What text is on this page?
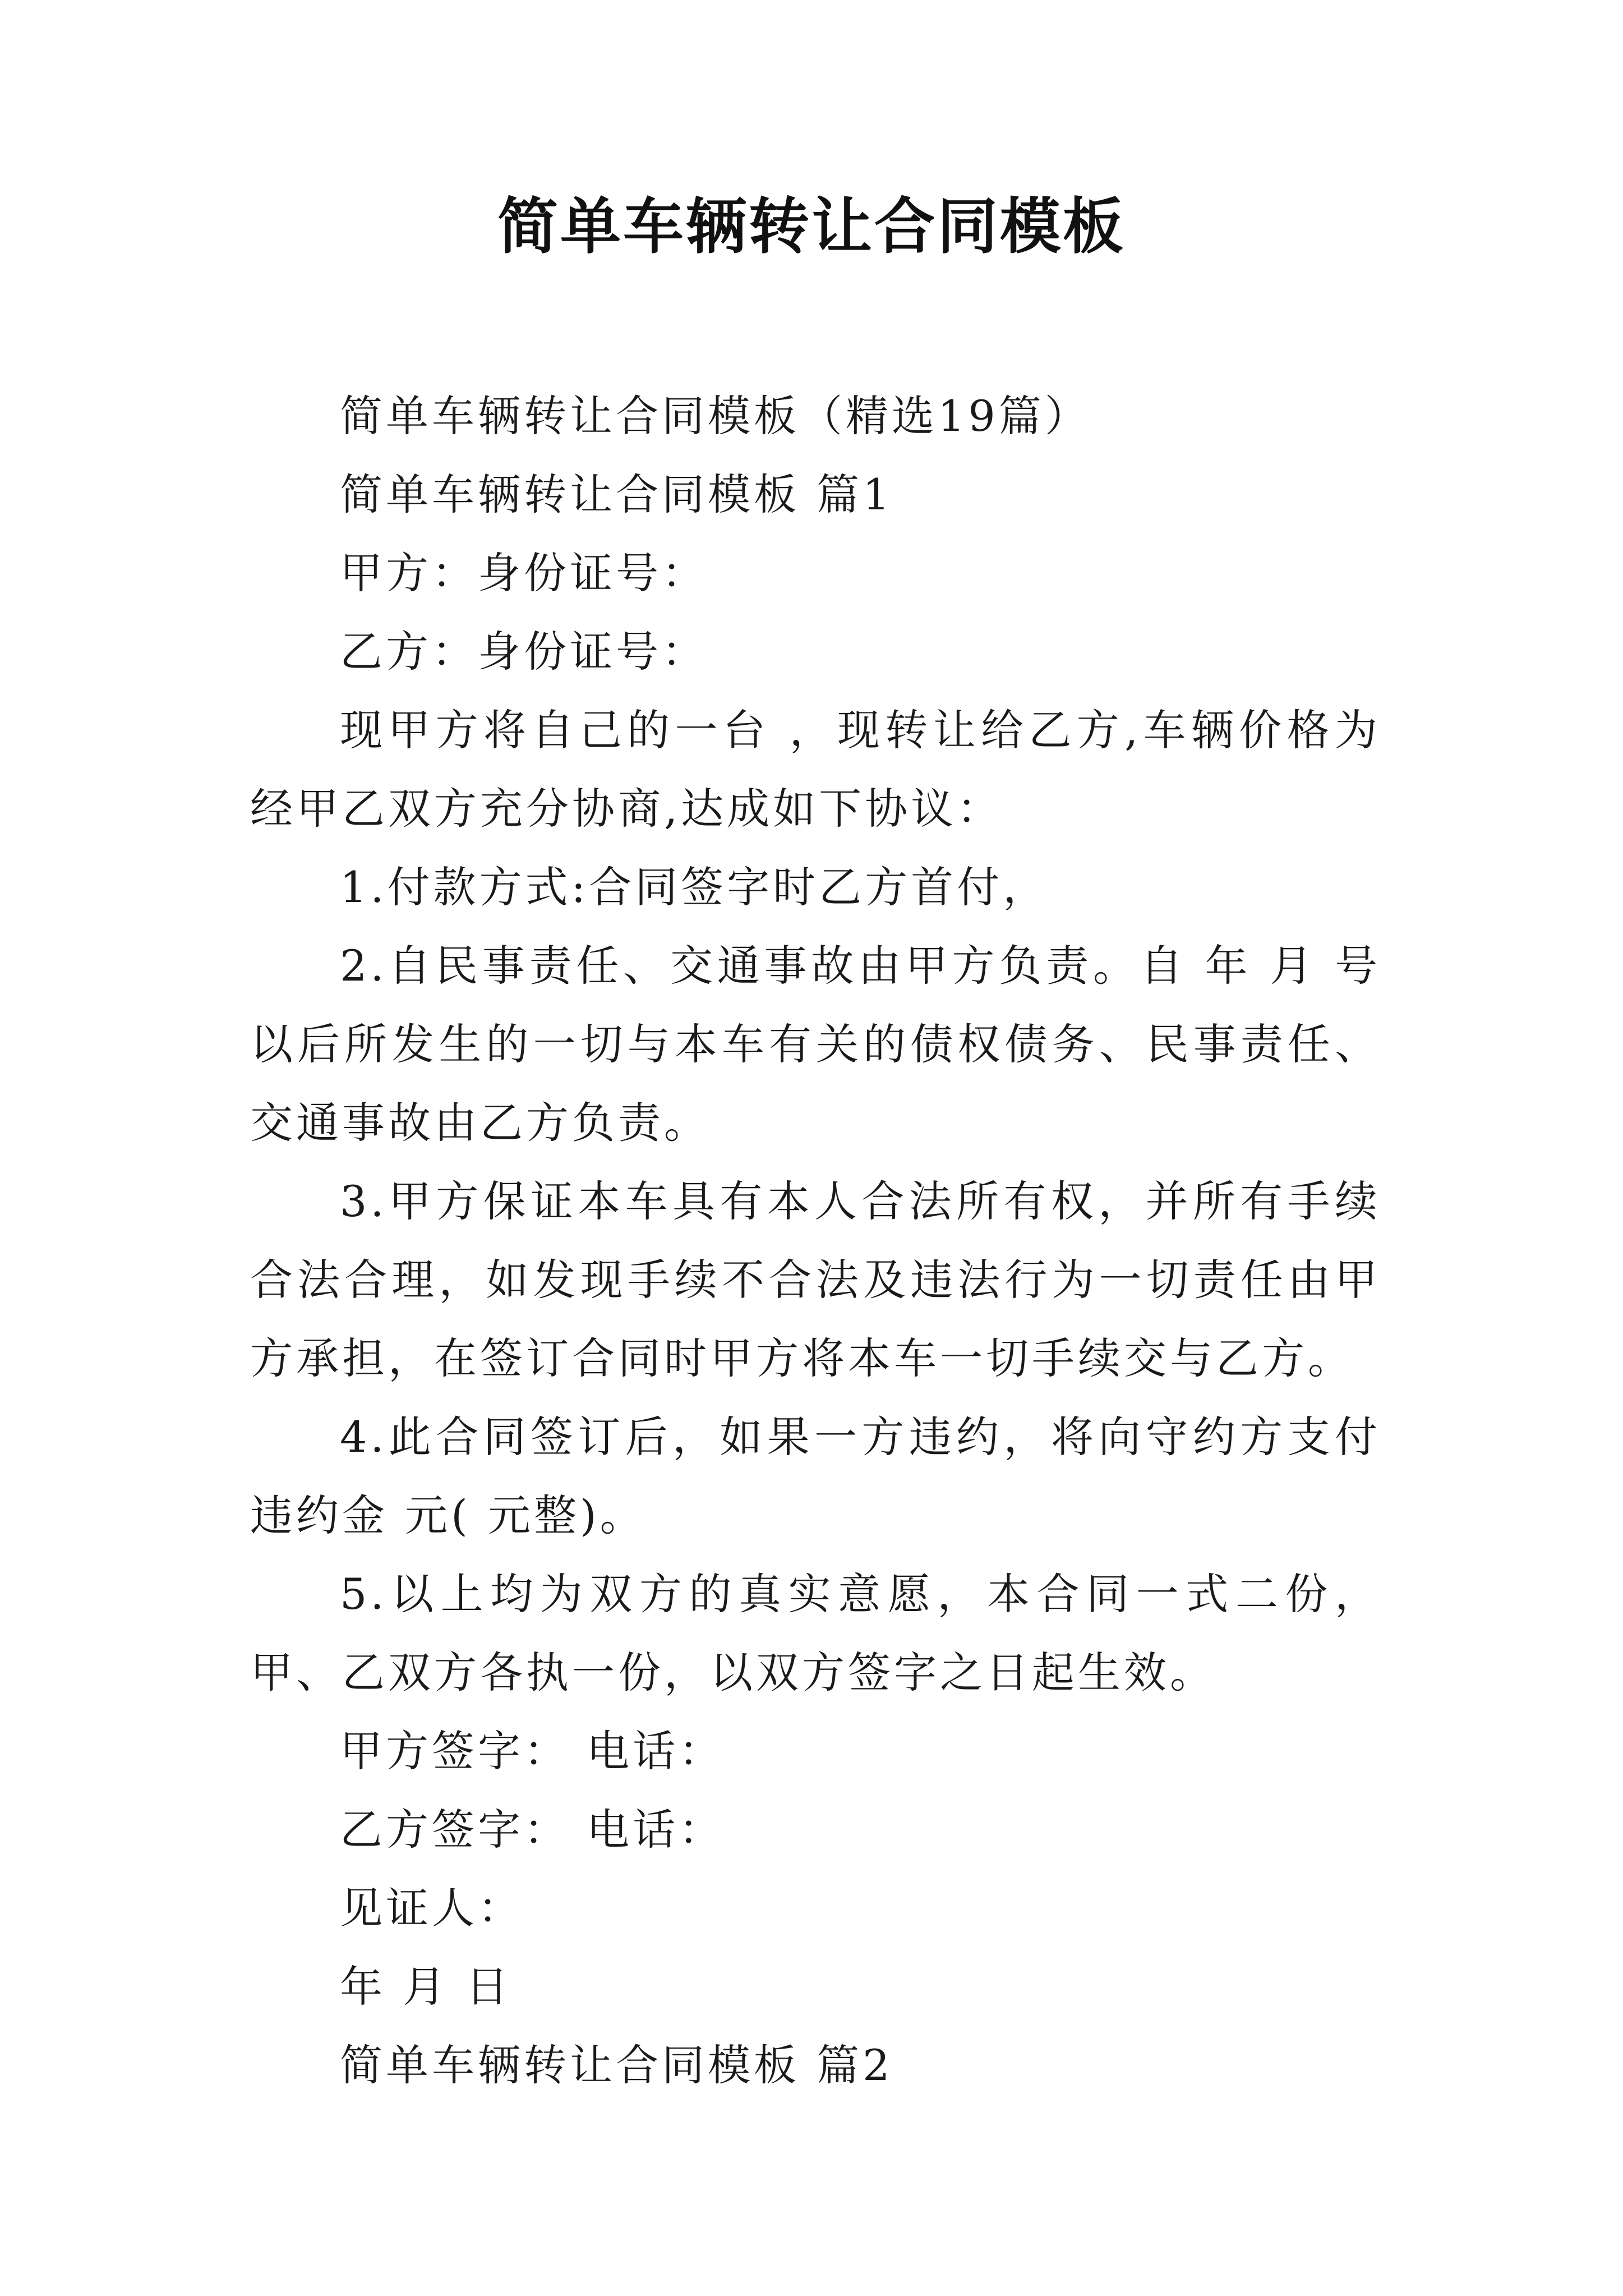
简单车辆转让合同模板

简单车辆转让合同模板（精选19篇）

简单车辆转让合同模板 篇1

甲方：身份证号：

乙方：身份证号：

现甲方将自己的一台 ，现转让给乙方,车辆价格为 经甲乙双方充分协商,达成如下协议：

1.付款方式:合同签字时乙方首付，

2.自民事责任、交通事故由甲方负责。自 年 月 号以后所发生的一切与本车有关的债权债务、民事责任、交通事故由乙方负责。

3.甲方保证本车具有本人合法所有权，并所有手续合法合理，如发现手续不合法及违法行为一切责任由甲方承担，在签订合同时甲方将本车一切手续交与乙方。

4.此合同签订后，如果一方违约，将向守约方支付违约金 元( 元整)。

5.以上均为双方的真实意愿，本合同一式二份，甲、乙双方各执一份，以双方签字之日起生效。

甲方签字： 电话：

乙方签字： 电话：

见证人：

年 月 日

简单车辆转让合同模板 篇2
